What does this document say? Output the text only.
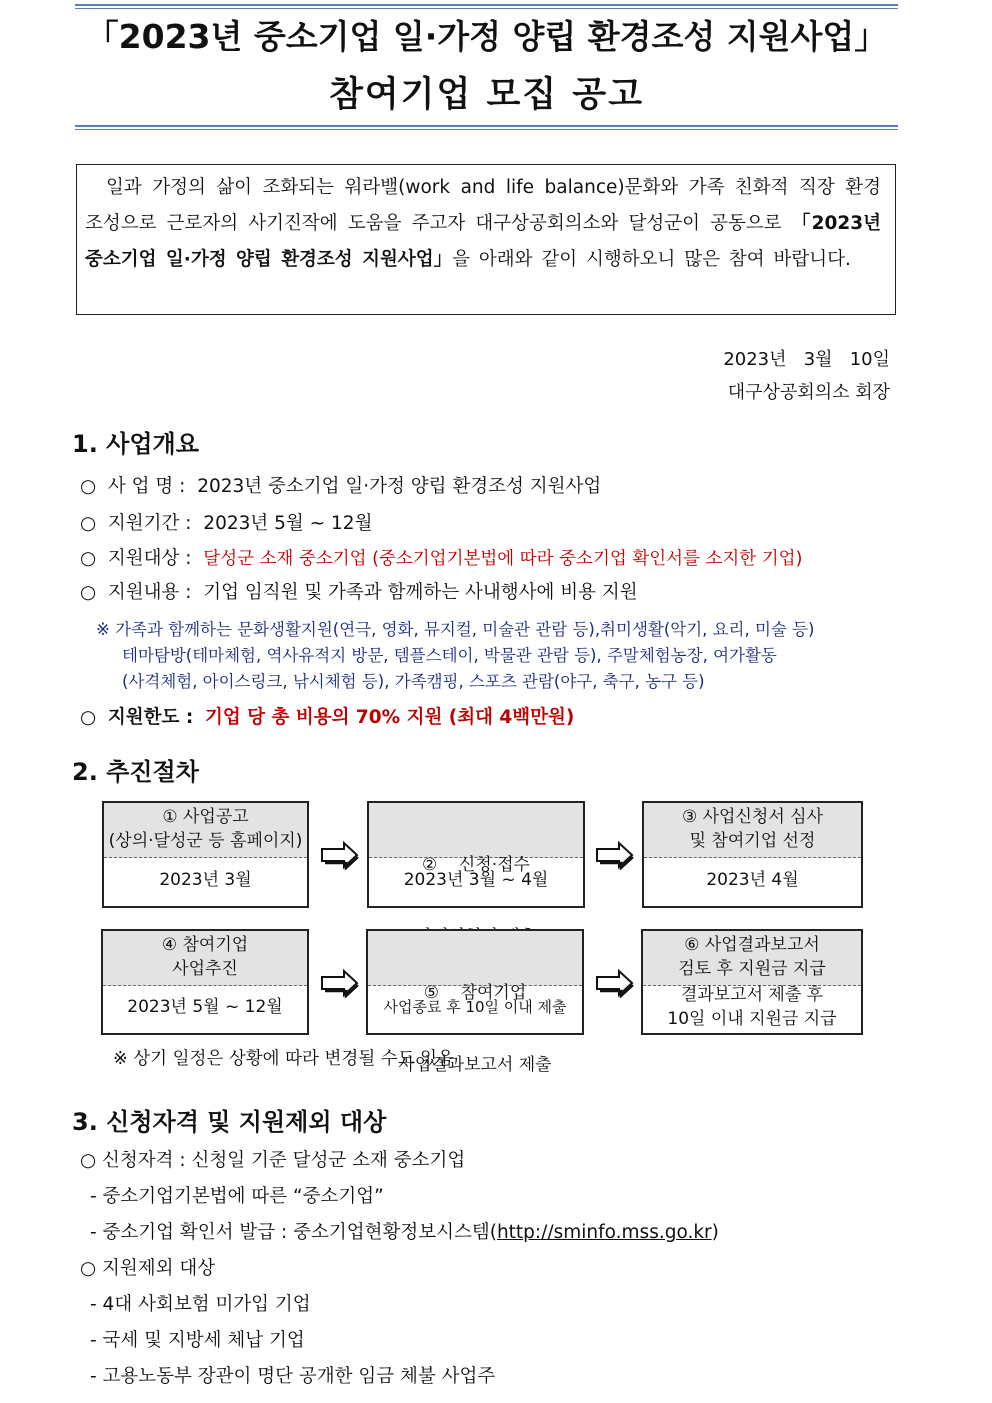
「2023년 중소기업 일·가정 양립 환경조성 지원사업」
참여기업 모집 공고

일과 가정의 삶이 조화되는 워라밸(work and life balance)문화와 가족 친화적 직장 환경 조성으로 근로자의 사기진작에 도움을 주고자 대구상공회의소와 달성군이 공동으로 「2023년 중소기업 일·가정 양립 환경조성 지원사업」을 아래와 같이 시행하오니 많은 참여 바랍니다.

2023년   3월   10일
대구상공회의소 회장
1. 사업개요
○ 사 업 명 : 2023년 중소기업 일·가정 양립 환경조성 지원사업
○ 지원기간 : 2023년 5월 ~ 12월
○ 지원대상 : 달성군 소재 중소기업 (중소기업기본법에 따라 중소기업 확인서를 소지한 기업)
○ 지원내용 : 기업 임직원 및 가족과 함께하는 사내행사에 비용 지원
※ 가족과 함께하는 문화생활지원(연극, 영화, 뮤지컬, 미술관 관람 등),취미생활(악기, 요리, 미술 등)
테마탐방(테마체험, 역사유적지 방문, 템플스테이, 박물관 관람 등), 주말체험농장, 여가활동
(사격체험, 아이스링크, 낚시체험 등), 가족캠핑, 스포츠 관람(야구, 축구, 농구 등)
○ 지원한도 : 기업 당 총 비용의 70% 지원 (최대 4백만원)
2. 추진절차
① 사업공고
(상의·달성군 등 홈페이지)
2023년 3월

②    신청·접수

2023년 3월 ~ 4월
③ 사업신청서 심사
및 참여기업 선정
2023년 4월
④ 참여기업
사업추진
2023년 5월 ~ 12월

⑤    참여기업

사업결과보고서 제출

사업종료 후 10일 이내 제출
⑥ 사업결과보고서
검토 후 지원금 지급
결과보고서 제출 후
10일 이내 지원금 지급
※ 상기 일정은 상황에 따라 변경될 수도 있음
3. 신청자격 및 지원제외 대상
○ 신청자격 : 신청일 기준 달성군 소재 중소기업
- 중소기업기본법에 따른 “중소기업”
- 중소기업 확인서 발급 : 중소기업현황정보시스템(http://sminfo.mss.go.kr)
○ 지원제외 대상
- 4대 사회보험 미가입 기업
- 국세 및 지방세 체납 기업
- 고용노동부 장관이 명단 공개한 임금 체불 사업주
